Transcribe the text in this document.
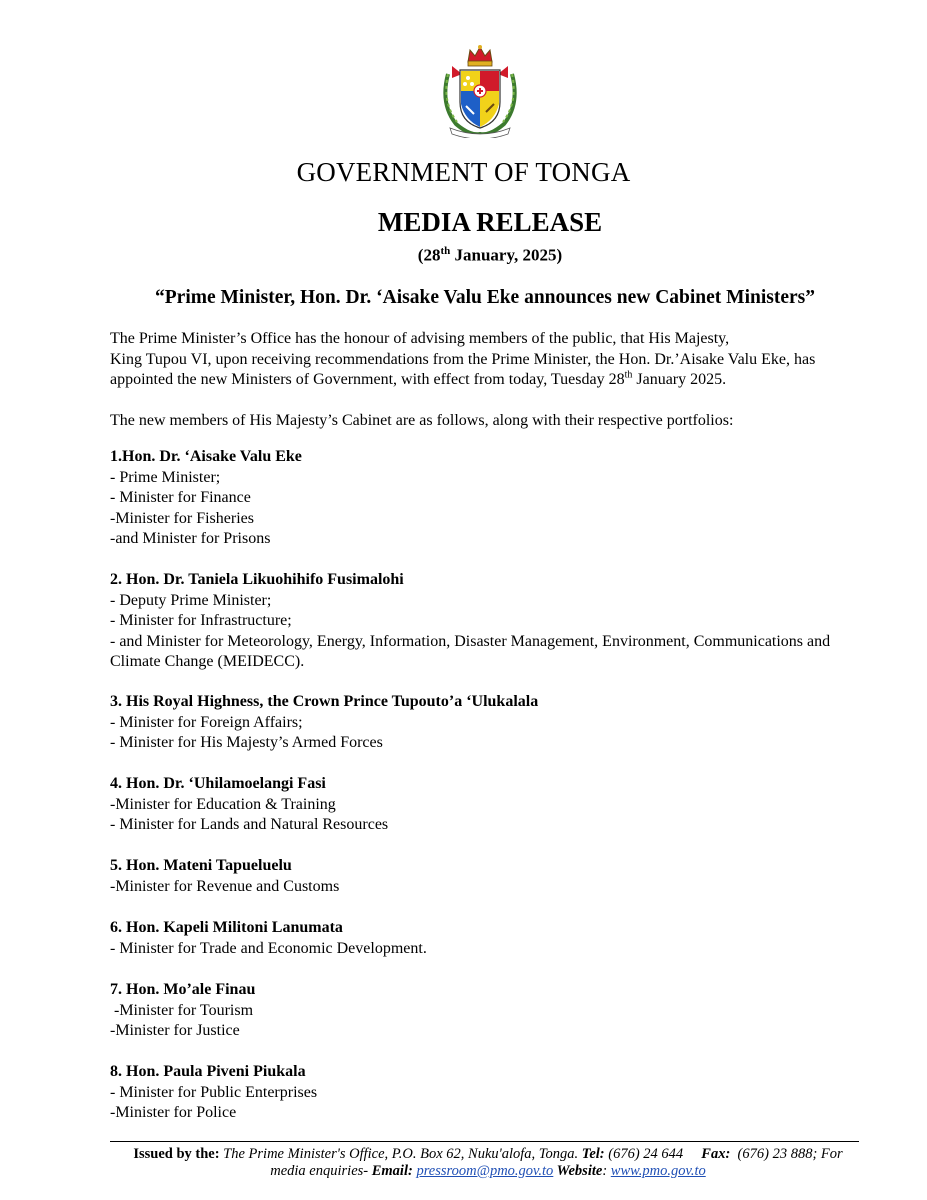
GOVERNMENT OF TONGA
MEDIA RELEASE
(28th January, 2025)
“Prime Minister, Hon. Dr. ‘Aisake Valu Eke announces new Cabinet Ministers”
The Prime Minister’s Office has the honour of advising members of the public, that His Majesty,
King Tupou VI, upon receiving recommendations from the Prime Minister, the Hon. Dr.’Aisake Valu Eke, has
appointed the new Ministers of Government, with effect from today, Tuesday 28th January 2025.
The new members of His Majesty’s Cabinet are as follows, along with their respective portfolios:
1.Hon. Dr. ‘Aisake Valu Eke
- Prime Minister;
- Minister for Finance
-Minister for Fisheries
-and Minister for Prisons
2. Hon. Dr. Taniela Likuohihifo Fusimalohi
- Deputy Prime Minister;
- Minister for Infrastructure;
- and Minister for Meteorology, Energy, Information, Disaster Management, Environment, Communications and
Climate Change (MEIDECC).
3. His Royal Highness, the Crown Prince Tupouto’a ‘Ulukalala
- Minister for Foreign Affairs;
- Minister for His Majesty’s Armed Forces
4. Hon. Dr. ‘Uhilamoelangi Fasi
-Minister for Education & Training
- Minister for Lands and Natural Resources
5. Hon. Mateni Tapueluelu
-Minister for Revenue and Customs
6. Hon. Kapeli Militoni Lanumata
- Minister for Trade and Economic Development.
7. Hon. Mo’ale Finau
-Minister for Tourism
-Minister for Justice
8. Hon. Paula Piveni Piukala
- Minister for Public Enterprises
-Minister for Police
Issued by the: The Prime Minister's Office, P.O. Box 62, Nuku'alofa, Tonga. Tel: (676) 24 644 Fax:  (676) 23 888; For
media enquiries- Email: pressroom@pmo.gov.to Website: www.pmo.gov.to
